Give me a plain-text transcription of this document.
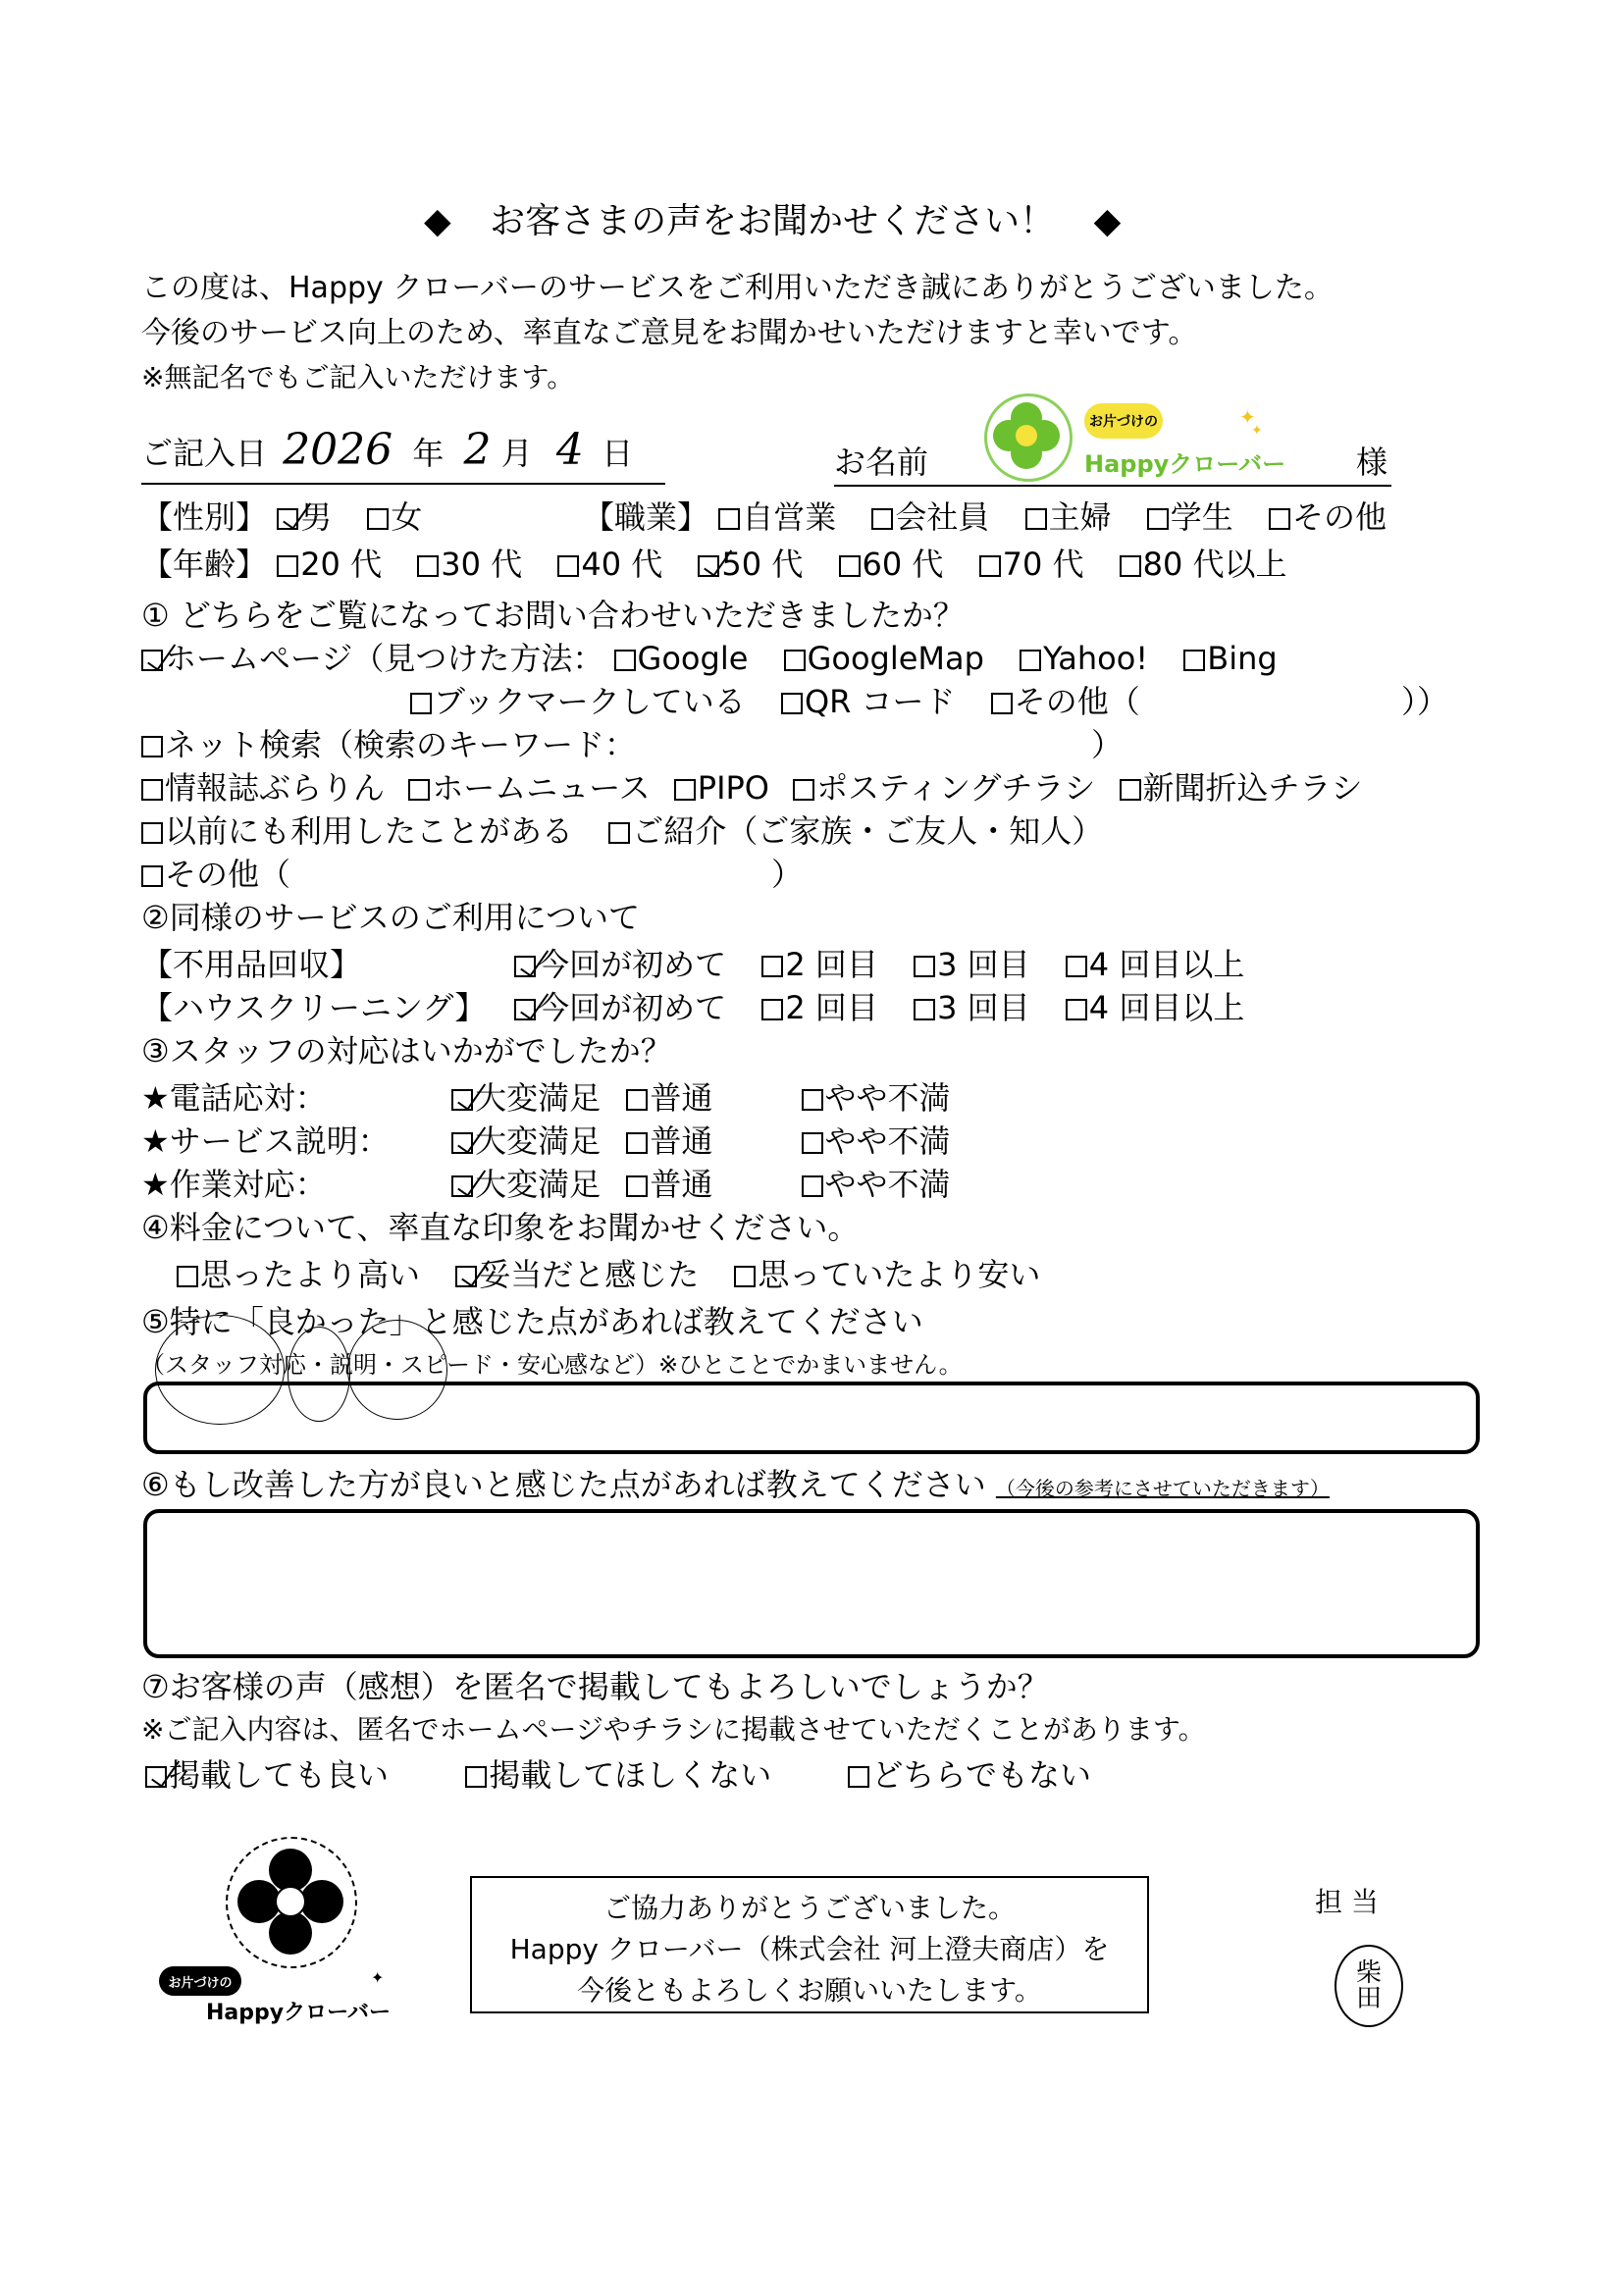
◆ お客さまの声をお聞かせください！ ◆
この度は、Happy クローバーのサービスをご利用いただき誠にありがとうございました。
今後のサービス向上のため、率直なご意見をお聞かせいただけますと幸いです。
※無記名でもご記入いただけます。
ご記入日 2026 年 2 月 4 日	お名前	様
お片づけの	✦
✦
Happyクローバー
【性別】 男 女	【職業】 自営業 会社員 主婦 学生 その他
【年齢】 20 代 30 代 40 代 50 代 60 代 70 代 80 代以上
① どちらをご覧になってお問い合わせいただきましたか？
ホームページ（見つけた方法： Google GoogleMap Yahoo! Bing
ブックマークしている QR コード その他（	））
ネット検索（検索のキーワード：	）
情報誌ぶらりん ホームニュース PIPO ポスティングチラシ 新聞折込チラシ
以前にも利用したことがある ご紹介（ご家族・ご友人・知人）
その他（	）
②同様のサービスのご利用について
【不用品回収】	今回が初めて 2 回目 3 回目 4 回目以上
【ハウスクリーニング】 今回が初めて 2 回目 3 回目 4 回目以上
③スタッフの対応はいかがでしたか？
★電話応対：	大変満足 普通	やや不満
★サービス説明：	大変満足 普通	やや不満
★作業対応：	大変満足 普通	やや不満
④料金について、率直な印象をお聞かせください。
思ったより高い 妥当だと感じた 思っていたより安い
⑤特に「良かった」と感じた点があれば教えてください
（スタッフ対応・説明・スピード・安心感など）※ひとことでかまいません。
⑥もし改善した方が良いと感じた点があれば教えてください （今後の参考にさせていただきます）
⑦お客様の声（感想）を匿名で掲載してもよろしいでしょうか？
※ご記入内容は、匿名でホームページやチラシに掲載させていただくことがあります。
掲載しても良い	掲載してほしくない	どちらでもない
お片づけの	✦
Happyクローバー
ご協力ありがとうございました。
Happy クローバー（株式会社 河上澄夫商店）を
今後ともよろしくお願いいたします。
担 当
柴
田
